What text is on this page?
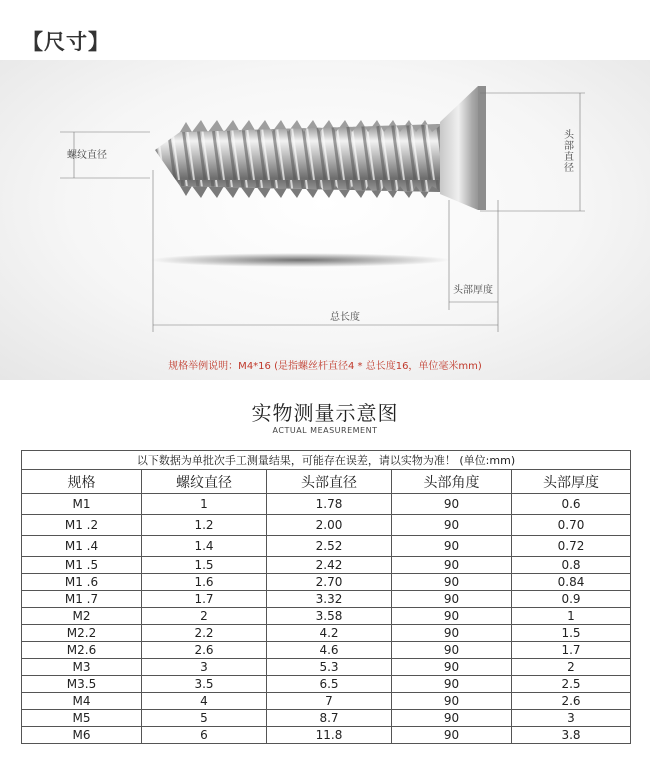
【尺寸】
螺纹直径
头部直径
头部厚度
总长度
规格举例说明：M4*16 (是指螺丝杆直径4 * 总长度16，单位毫米mm)
实物测量示意图
ACTUAL MEASUREMENT
以下数据为单批次手工测量结果，可能存在误差，请以实物为准！ (单位:mm)				
规格	螺纹直径	头部直径	头部角度	头部厚度
M1	1	1.78	90	0.6
M1 .2	1.2	2.00	90	0.70
M1 .4	1.4	2.52	90	0.72
M1 .5	1.5	2.42	90	0.8
M1 .6	1.6	2.70	90	0.84
M1 .7	1.7	3.32	90	0.9
M2	2	3.58	90	1
M2.2	2.2	4.2	90	1.5
M2.6	2.6	4.6	90	1.7
M3	3	5.3	90	2
M3.5	3.5	6.5	90	2.5
M4	4	7	90	2.6
M5	5	8.7	90	3
M6	6	11.8	90	3.8
